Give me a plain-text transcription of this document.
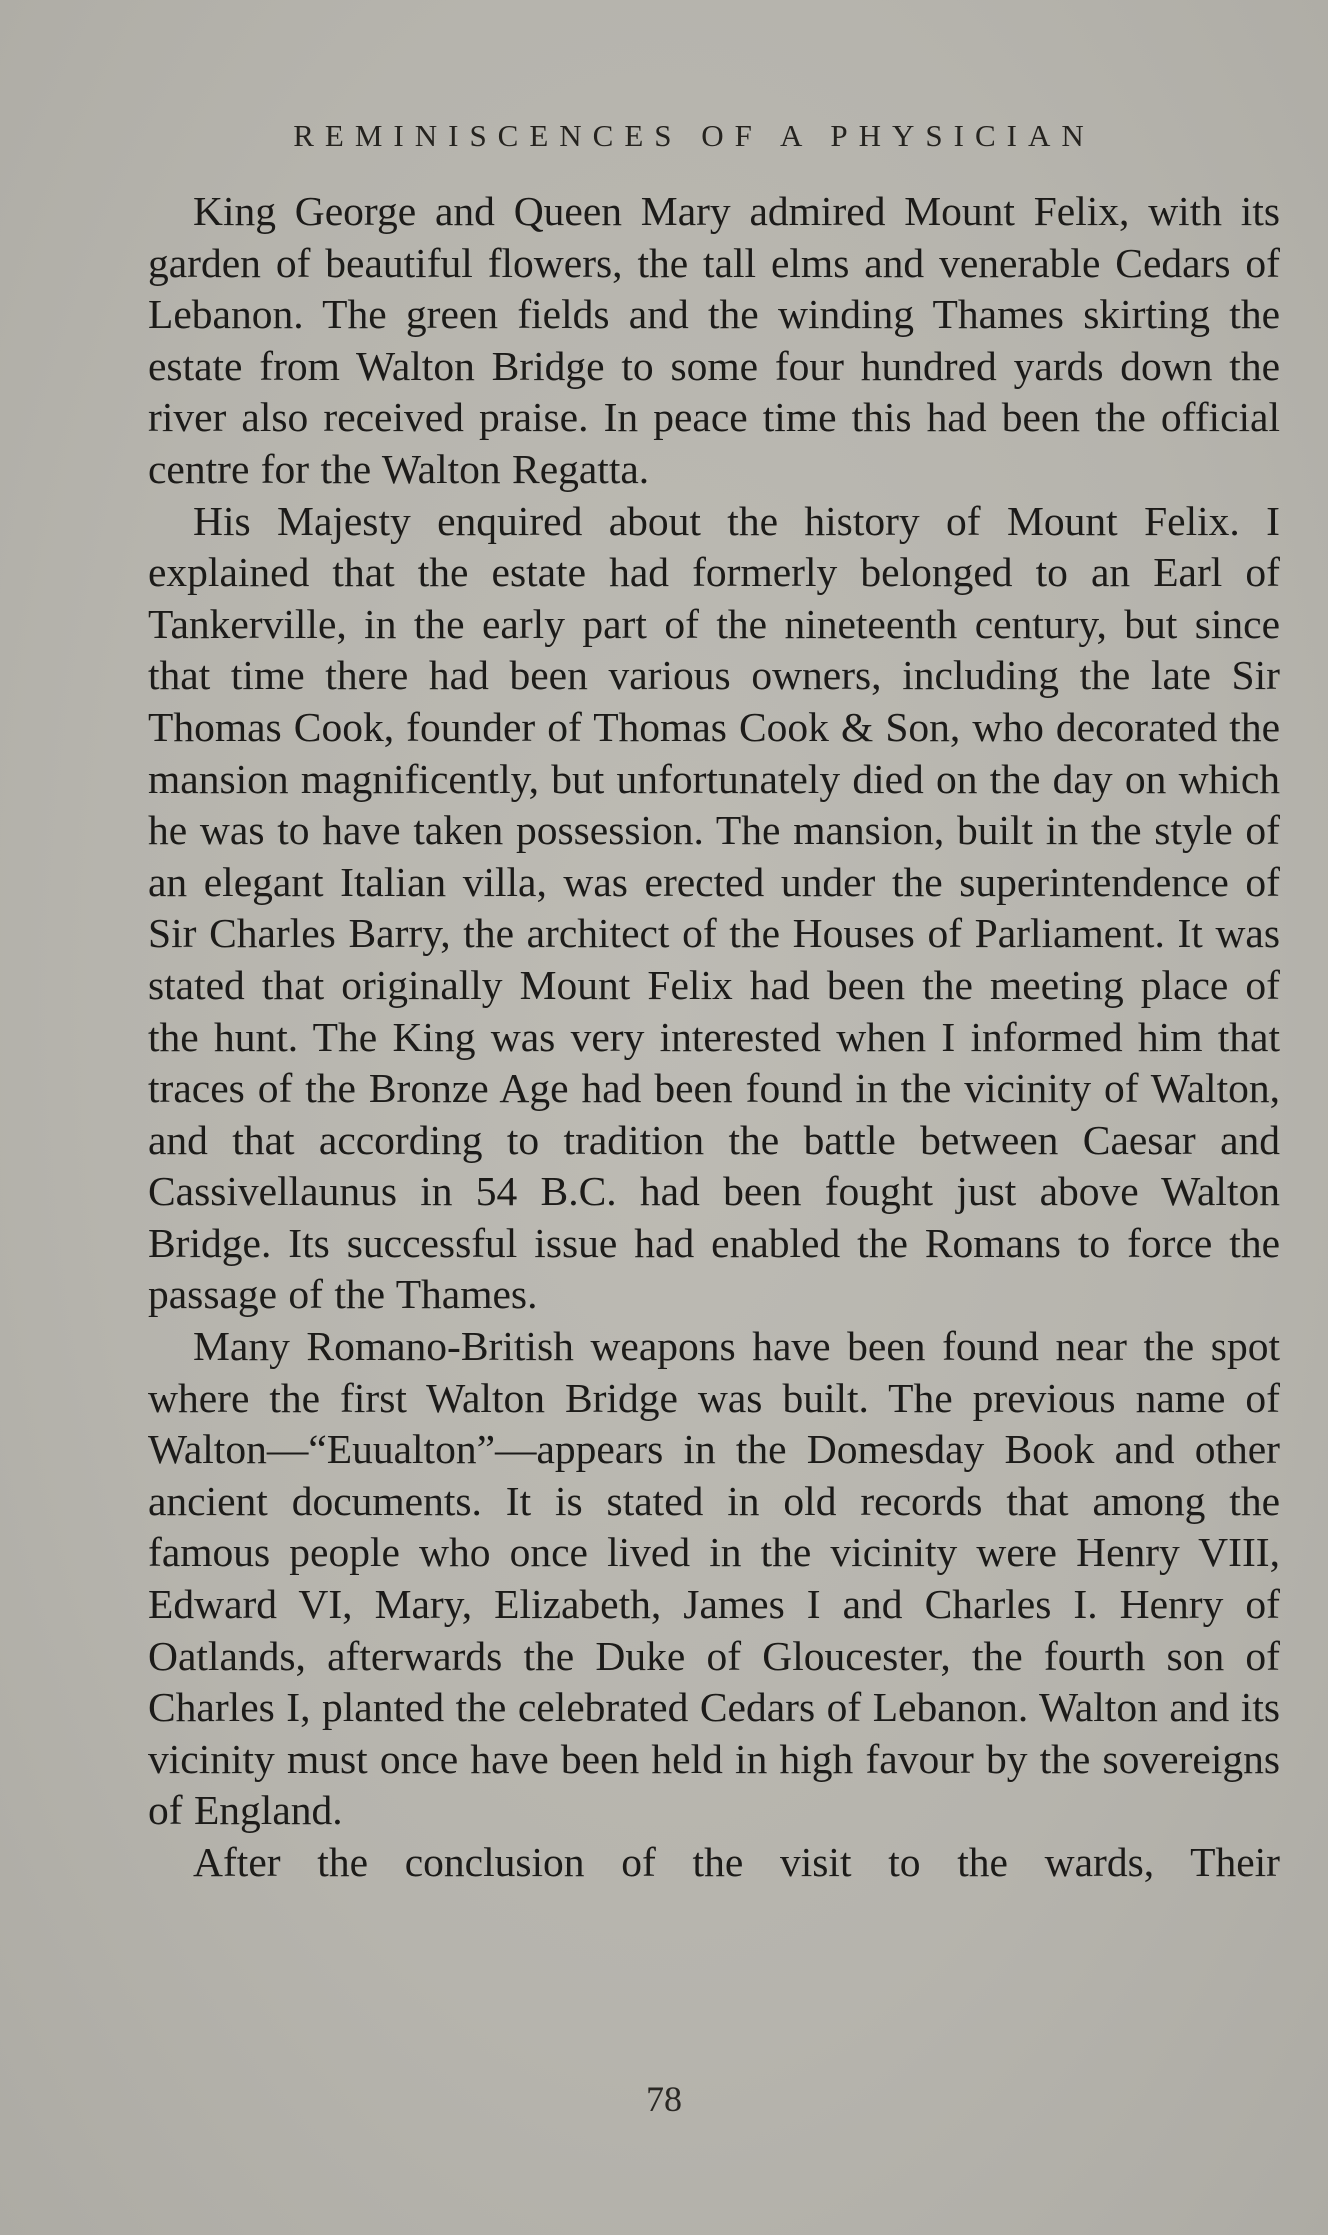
REMINISCENCES OF A PHYSICIAN

King George and Queen Mary admired Mount Felix, with its garden of beautiful flowers, the tall elms and venerable Cedars of Lebanon. The green fields and the winding Thames skirting the estate from Walton Bridge to some four hundred yards down the river also received praise. In peace time this had been the official centre for the Walton Regatta.

His Majesty enquired about the history of Mount Felix. I explained that the estate had formerly belonged to an Earl of Tankerville, in the early part of the nineteenth century, but since that time there had been various owners, including the late Sir Thomas Cook, founder of Thomas Cook & Son, who decorated the mansion magnificently, but unfortunately died on the day on which he was to have taken possession. The mansion, built in the style of an elegant Italian villa, was erected under the superintendence of Sir Charles Barry, the architect of the Houses of Parliament. It was stated that originally Mount Felix had been the meeting place of the hunt. The King was very interested when I informed him that traces of the Bronze Age had been found in the vicinity of Walton, and that according to tradition the battle between Caesar and Cassivellaunus in 54 B.C. had been fought just above Walton Bridge. Its successful issue had enabled the Romans to force the passage of the Thames.

Many Romano-British weapons have been found near the spot where the first Walton Bridge was built. The previous name of Walton—“Euualton”—appears in the Domesday Book and other ancient documents. It is stated in old records that among the famous people who once lived in the vicinity were Henry VIII, Edward VI, Mary, Elizabeth, James I and Charles I. Henry of Oatlands, afterwards the Duke of Gloucester, the fourth son of Charles I, planted the celebrated Cedars of Lebanon. Walton and its vicinity must once have been held in high favour by the sovereigns of England.

After the conclusion of the visit to the wards, Their

78
